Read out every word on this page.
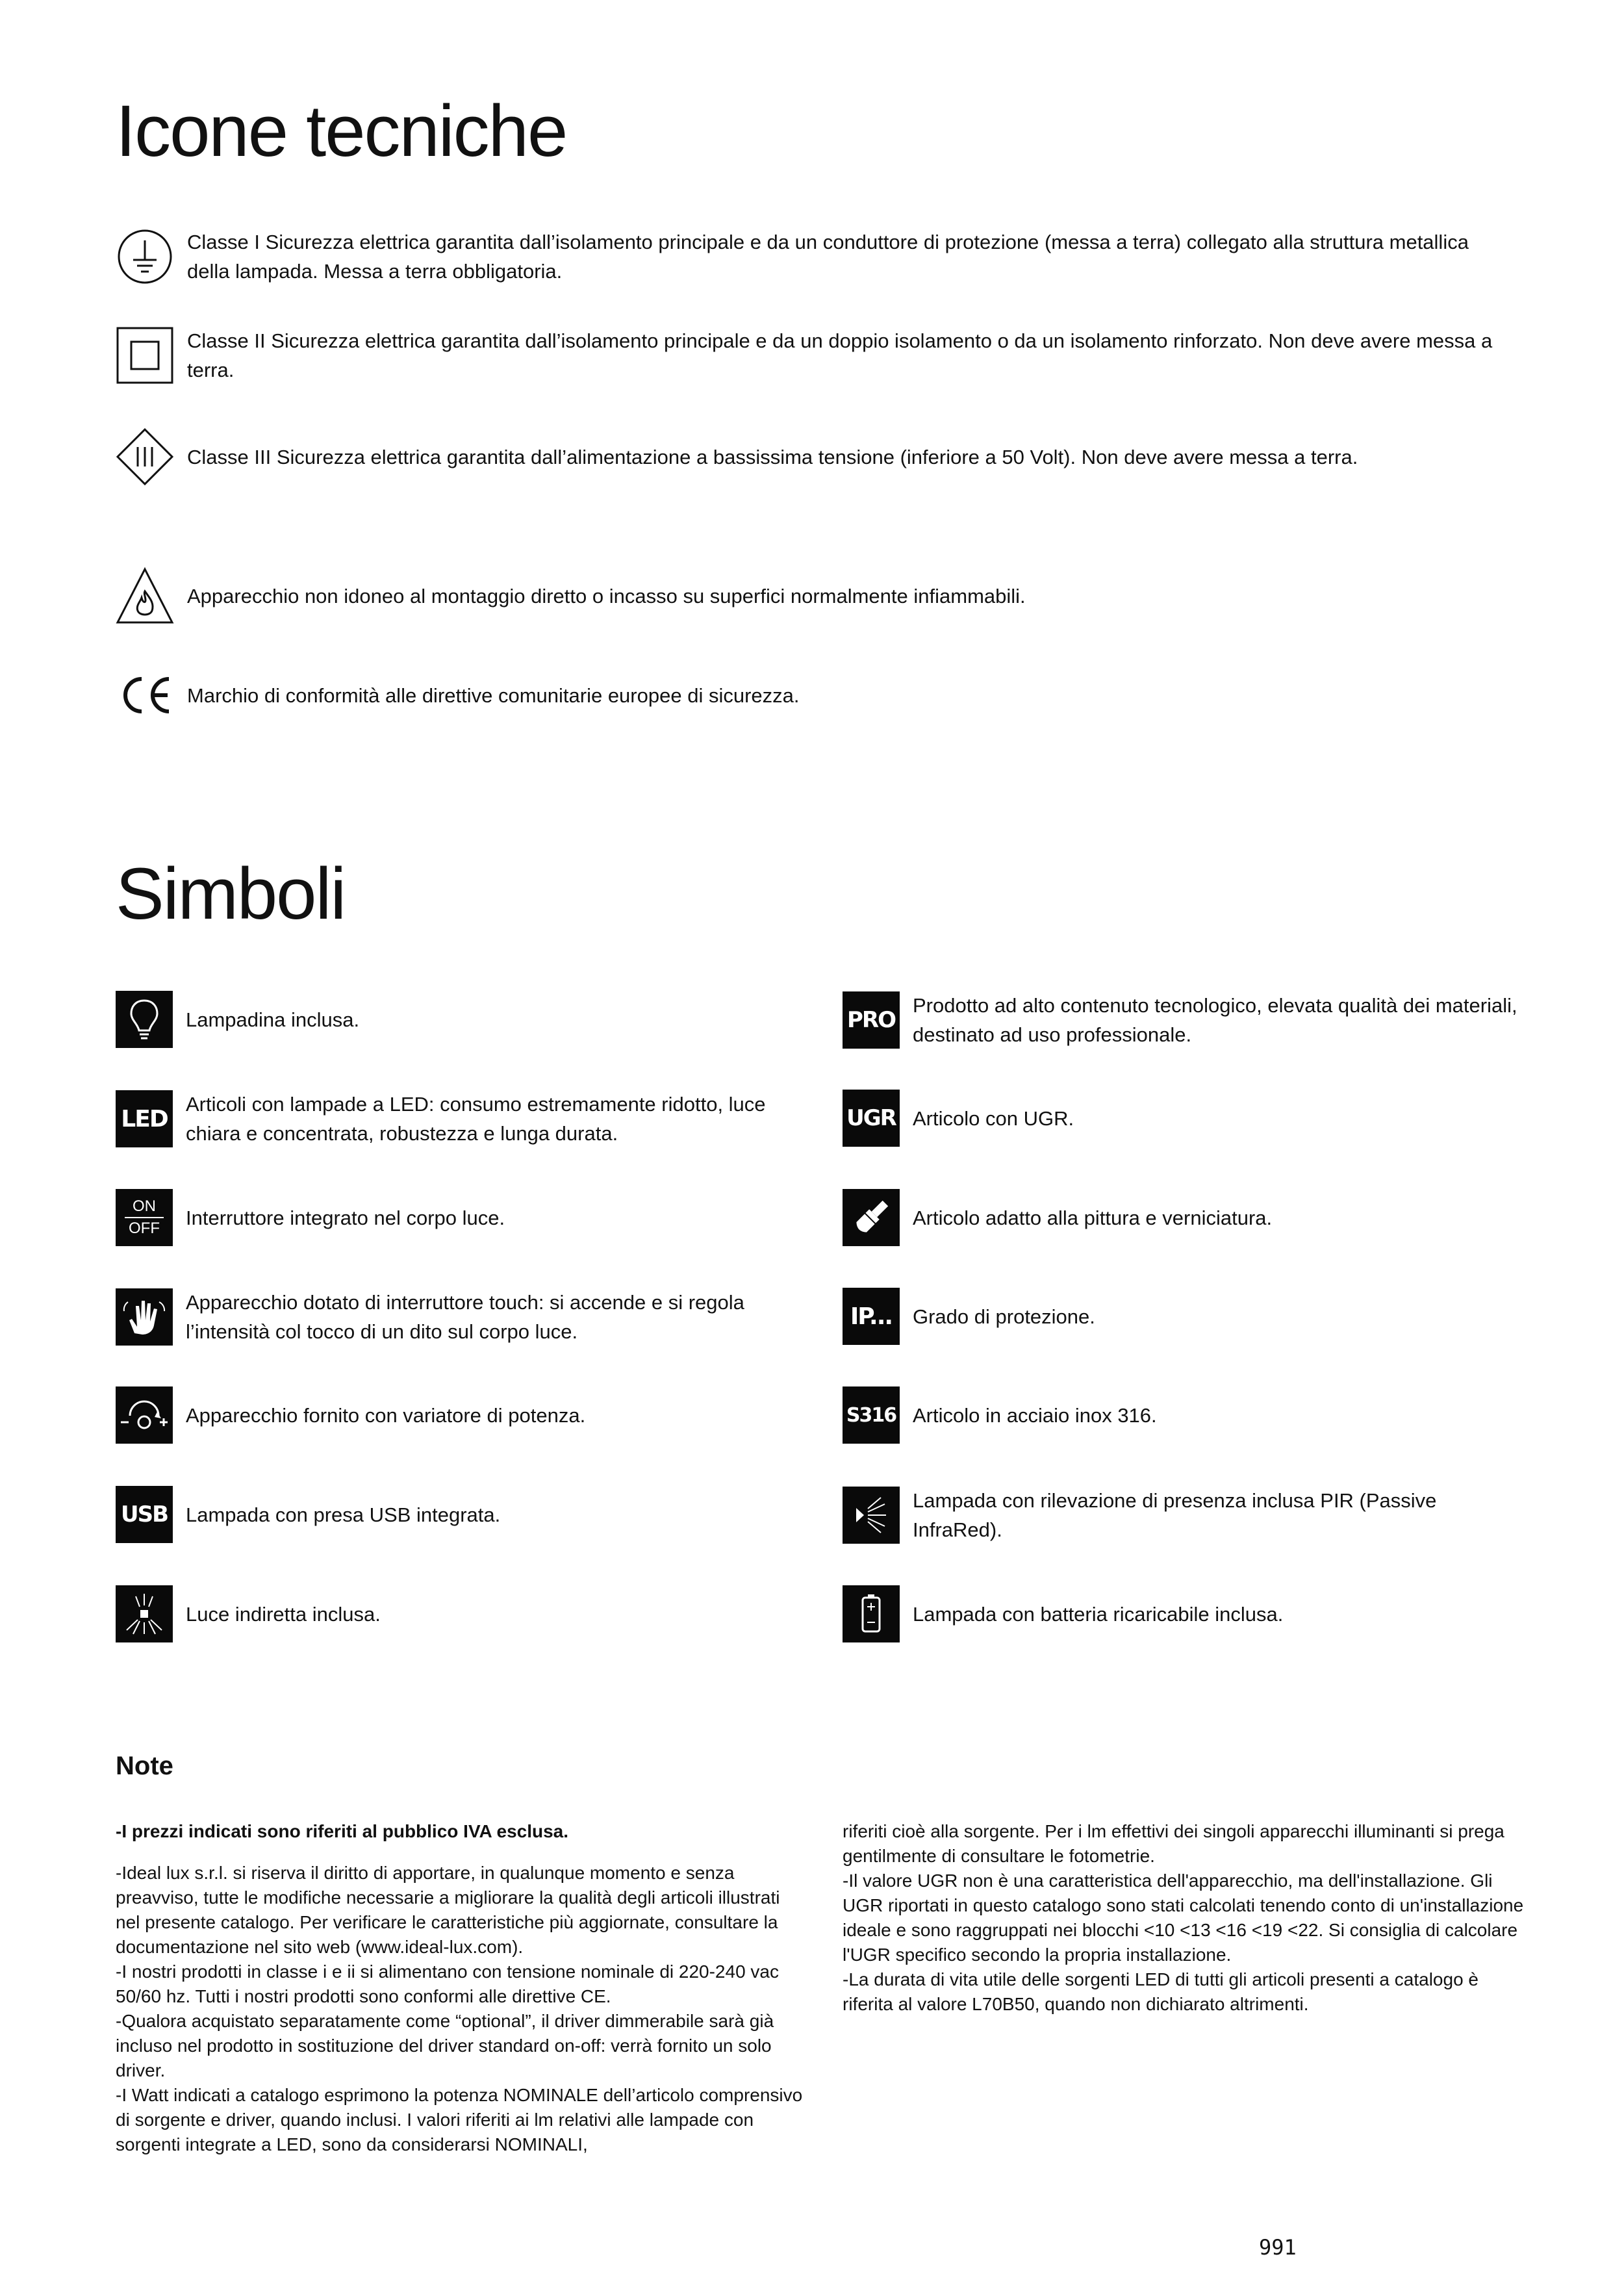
Icone tecniche
Classe I Sicurezza elettrica garantita dall’isolamento principale e da un conduttore di protezione (messa a terra) collegato alla struttura metallica della lampada. Messa a terra obbligatoria.
Classe II Sicurezza elettrica garantita dall’isolamento principale e da un doppio isolamento o da un isolamento rinforzato. Non deve avere messa a terra.
Classe III Sicurezza elettrica garantita dall’alimentazione a bassissima tensione (inferiore a 50 Volt). Non deve avere messa a terra.
Apparecchio non idoneo al montaggio diretto o incasso su superfici normalmente infiammabili.
Marchio di conformità alle direttive comunitarie europee di sicurezza.
Simboli
Lampadina inclusa.
LED
Articoli con lampade a LED: consumo estremamente ridotto, luce chiara e concentrata, robustezza e lunga durata.
ON
OFF Interruttore integrato nel corpo luce.
Apparecchio dotato di interruttore touch: si accende e si regola l’intensità col tocco di un dito sul corpo luce.
Apparecchio fornito con variatore di potenza.
USB Lampada con presa USB integrata.
Luce indiretta inclusa.
PRO
Prodotto ad alto contenuto tecnologico, elevata qualità dei materiali, destinato ad uso professionale.
UGR Articolo con UGR.
Articolo adatto alla pittura e verniciatura.
IP...	Grado di protezione.
S316 Articolo in acciaio inox 316.
Lampada con rilevazione di presenza inclusa PIR (Passive InfraRed).
Lampada con batteria ricaricabile inclusa.
Note

-I prezzi indicati sono riferiti al pubblico IVA esclusa.

-Ideal lux s.r.l. si riserva il diritto di apportare, in qualunque momento e senza preavviso, tutte le modifiche necessarie a migliorare la qualità degli articoli illustrati nel presente catalogo. Per verificare le caratteristiche più aggiornate, consultare la documentazione nel sito web (www.ideal-lux.com).

-I nostri prodotti in classe i e ii si alimentano con tensione nominale di 220-240 vac 50/60 hz. Tutti i nostri prodotti sono conformi alle direttive CE.

-Qualora acquistato separatamente come “optional”, il driver dimmerabile sarà già incluso nel prodotto in sostituzione del driver standard on-off: verrà fornito un solo driver.

-I Watt indicati a catalogo esprimono la potenza NOMINALE dell’articolo comprensivo di sorgente e driver, quando inclusi. I valori riferiti ai lm relativi alle lampade con sorgenti integrate a LED, sono da considerarsi NOMINALI,

riferiti cioè alla sorgente. Per i lm effettivi dei singoli apparecchi illuminanti si prega gentilmente di consultare le fotometrie.

-Il valore UGR non è una caratteristica dell'apparecchio, ma dell'installazione. Gli UGR riportati in questo catalogo sono stati calcolati tenendo conto di un'installazione ideale e sono raggruppati nei blocchi <10 <13 <16 <19 <22. Si consiglia di calcolare l'UGR specifico secondo la propria installazione.

-La durata di vita utile delle sorgenti LED di tutti gli articoli presenti a catalogo è riferita al valore L70B50, quando non dichiarato altrimenti.

991
